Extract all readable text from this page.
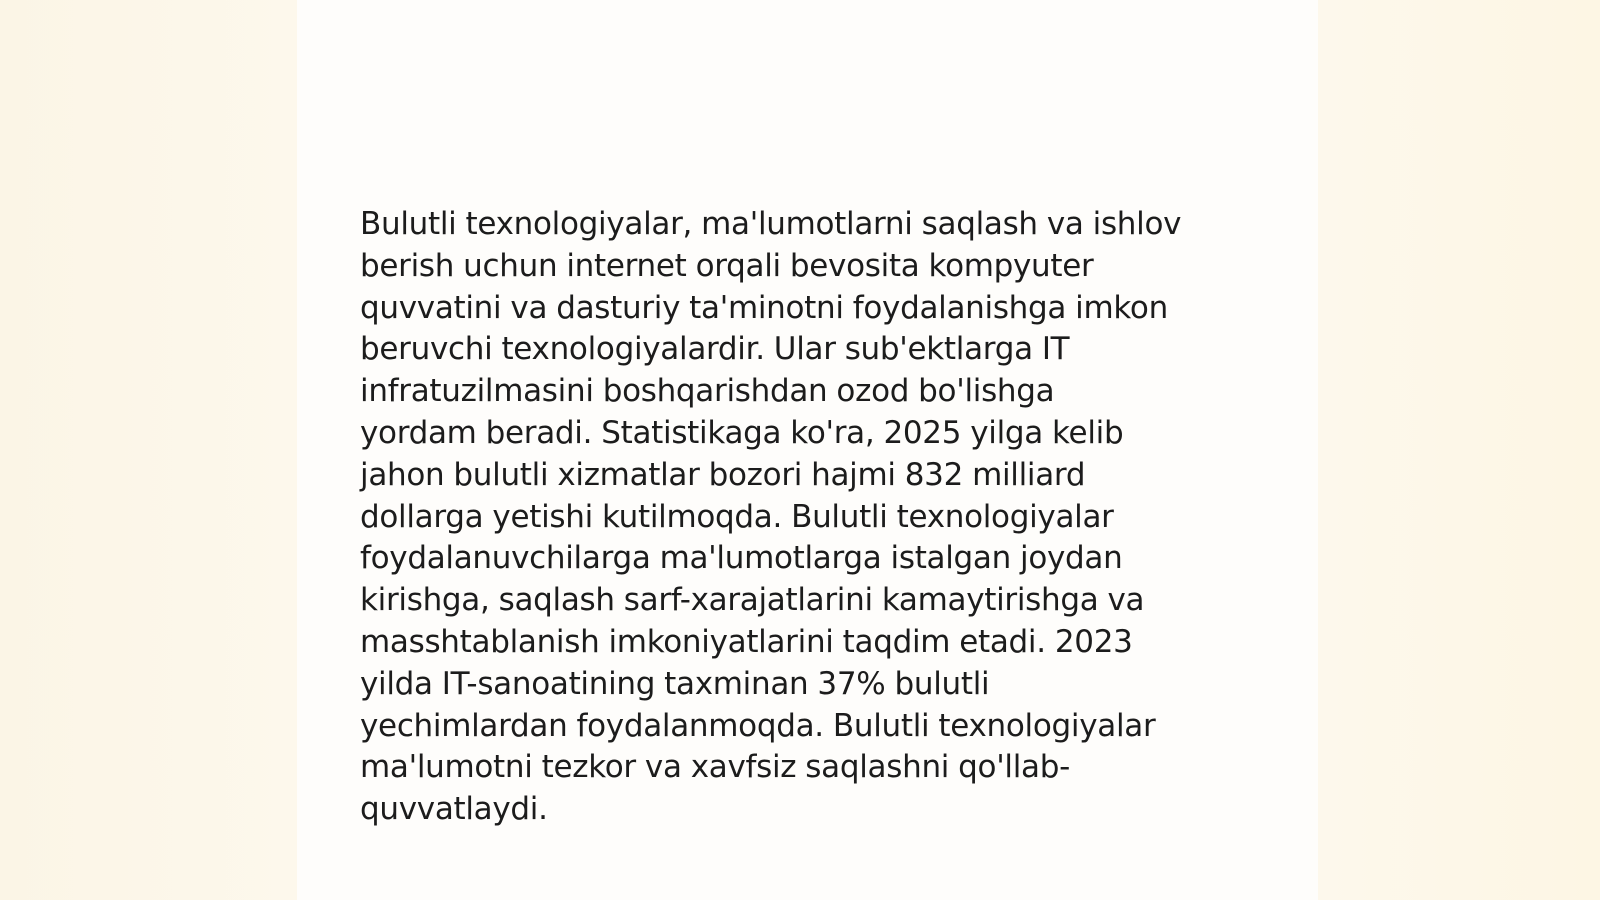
Bulutli texnologiyalar, ma'lumotlarni saqlash va ishlov
berish uchun internet orqali bevosita kompyuter
quvvatini va dasturiy ta'minotni foydalanishga imkon
beruvchi texnologiyalardir. Ular sub'ektlarga IT
infratuzilmasini boshqarishdan ozod bo'lishga
yordam beradi. Statistikaga ko'ra, 2025 yilga kelib
jahon bulutli xizmatlar bozori hajmi 832 milliard
dollarga yetishi kutilmoqda. Bulutli texnologiyalar
foydalanuvchilarga ma'lumotlarga istalgan joydan
kirishga, saqlash sarf-xarajatlarini kamaytirishga va
masshtablanish imkoniyatlarini taqdim etadi. 2023
yilda IT-sanoatining taxminan 37% bulutli
yechimlardan foydalanmoqda. Bulutli texnologiyalar
ma'lumotni tezkor va xavfsiz saqlashni qo'llab-
quvvatlaydi.
